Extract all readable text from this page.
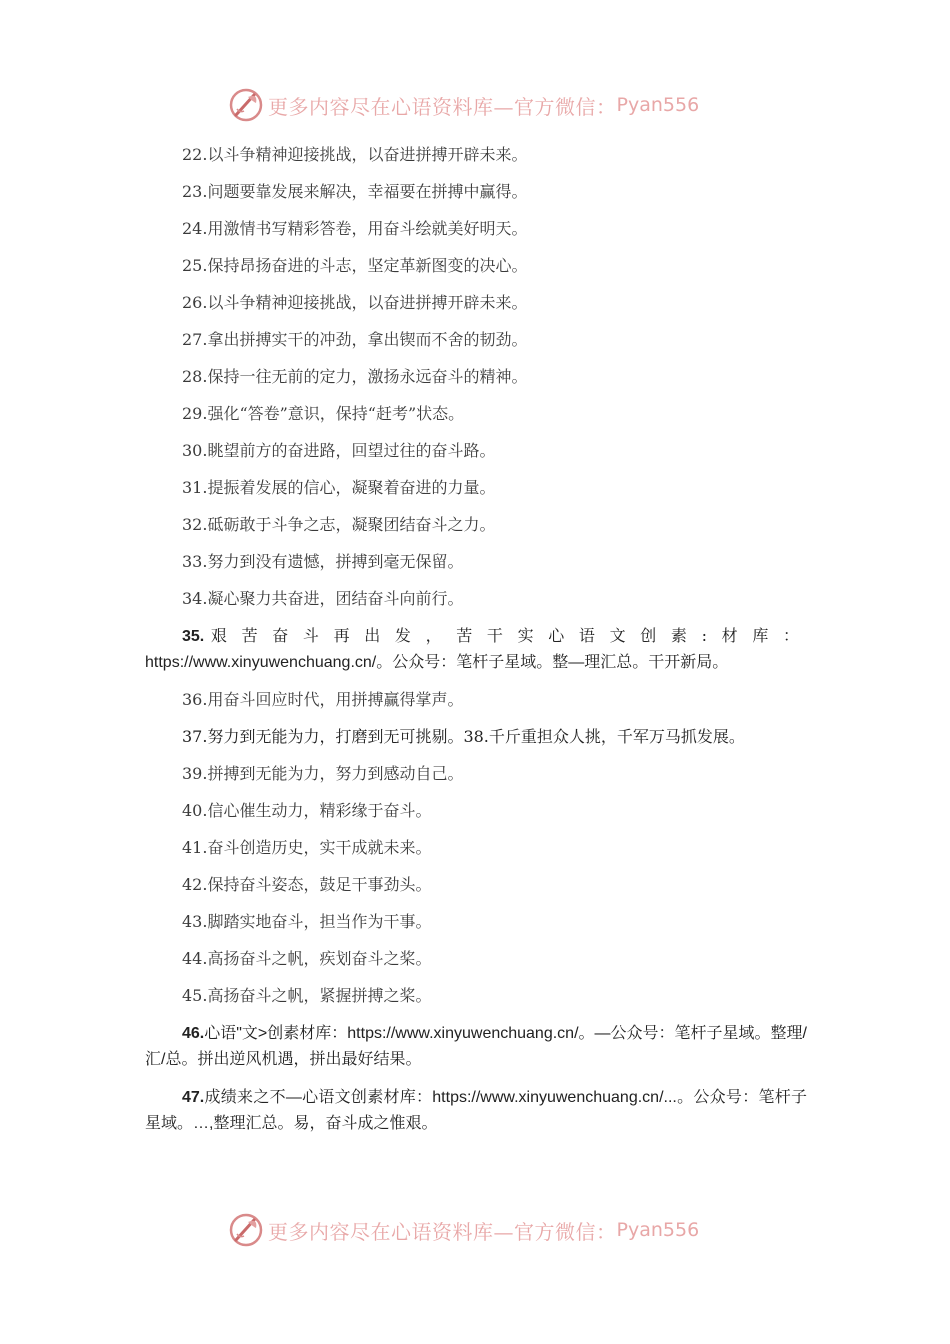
更多内容尽在心语资料库—官方微信： Pyan556

22.以斗争精神迎接挑战，以奋进拼搏开辟未来。

23.问题要靠发展来解决，幸福要在拼搏中赢得。

24.用激情书写精彩答卷，用奋斗绘就美好明天。

25.保持昂扬奋进的斗志，坚定革新图变的决心。

26.以斗争精神迎接挑战，以奋进拼搏开辟未来。

27.拿出拼搏实干的冲劲，拿出锲而不舍的韧劲。

28.保持一往无前的定力，激扬永远奋斗的精神。

29.强化“答卷”意识，保持“赶考”状态。

30.眺望前方的奋进路，回望过往的奋斗路。

31.提振着发展的信心，凝聚着奋进的力量。

32.砥砺敢于斗争之志，凝聚团结奋斗之力。

33.努力到没有遗憾，拼搏到毫无保留。

34.凝心聚力共奋进，团结奋斗向前行。

35.艰苦奋斗再出发，苦干实心语文创素:材库：https://www.xinyuwenchuang.cn/。公众号：笔杆子星域。整—理汇总。干开新局。

36.用奋斗回应时代，用拼搏赢得掌声。

37.努力到无能为力，打磨到无可挑剔。38.千斤重担众人挑，千军万马抓发展。

39.拼搏到无能为力，努力到感动自己。

40.信心催生动力，精彩缘于奋斗。

41.奋斗创造历史，实干成就未来。

42.保持奋斗姿态，鼓足干事劲头。

43.脚踏实地奋斗，担当作为干事。

44.高扬奋斗之帆，疾划奋斗之桨。

45.高扬奋斗之帆，紧握拼搏之桨。

46.心语"文>创素材库：https://www.xinyuwenchuang.cn/。—公众号：笔杆子星域。整理/汇/总。拼出逆风机遇，拼出最好结果。

47.成绩来之不—心语文创素材库：https://www.xinyuwenchuang.cn/...。公众号：笔杆子星域。…,整理汇总。易，奋斗成之惟艰。

更多内容尽在心语资料库—官方微信： Pyan556
